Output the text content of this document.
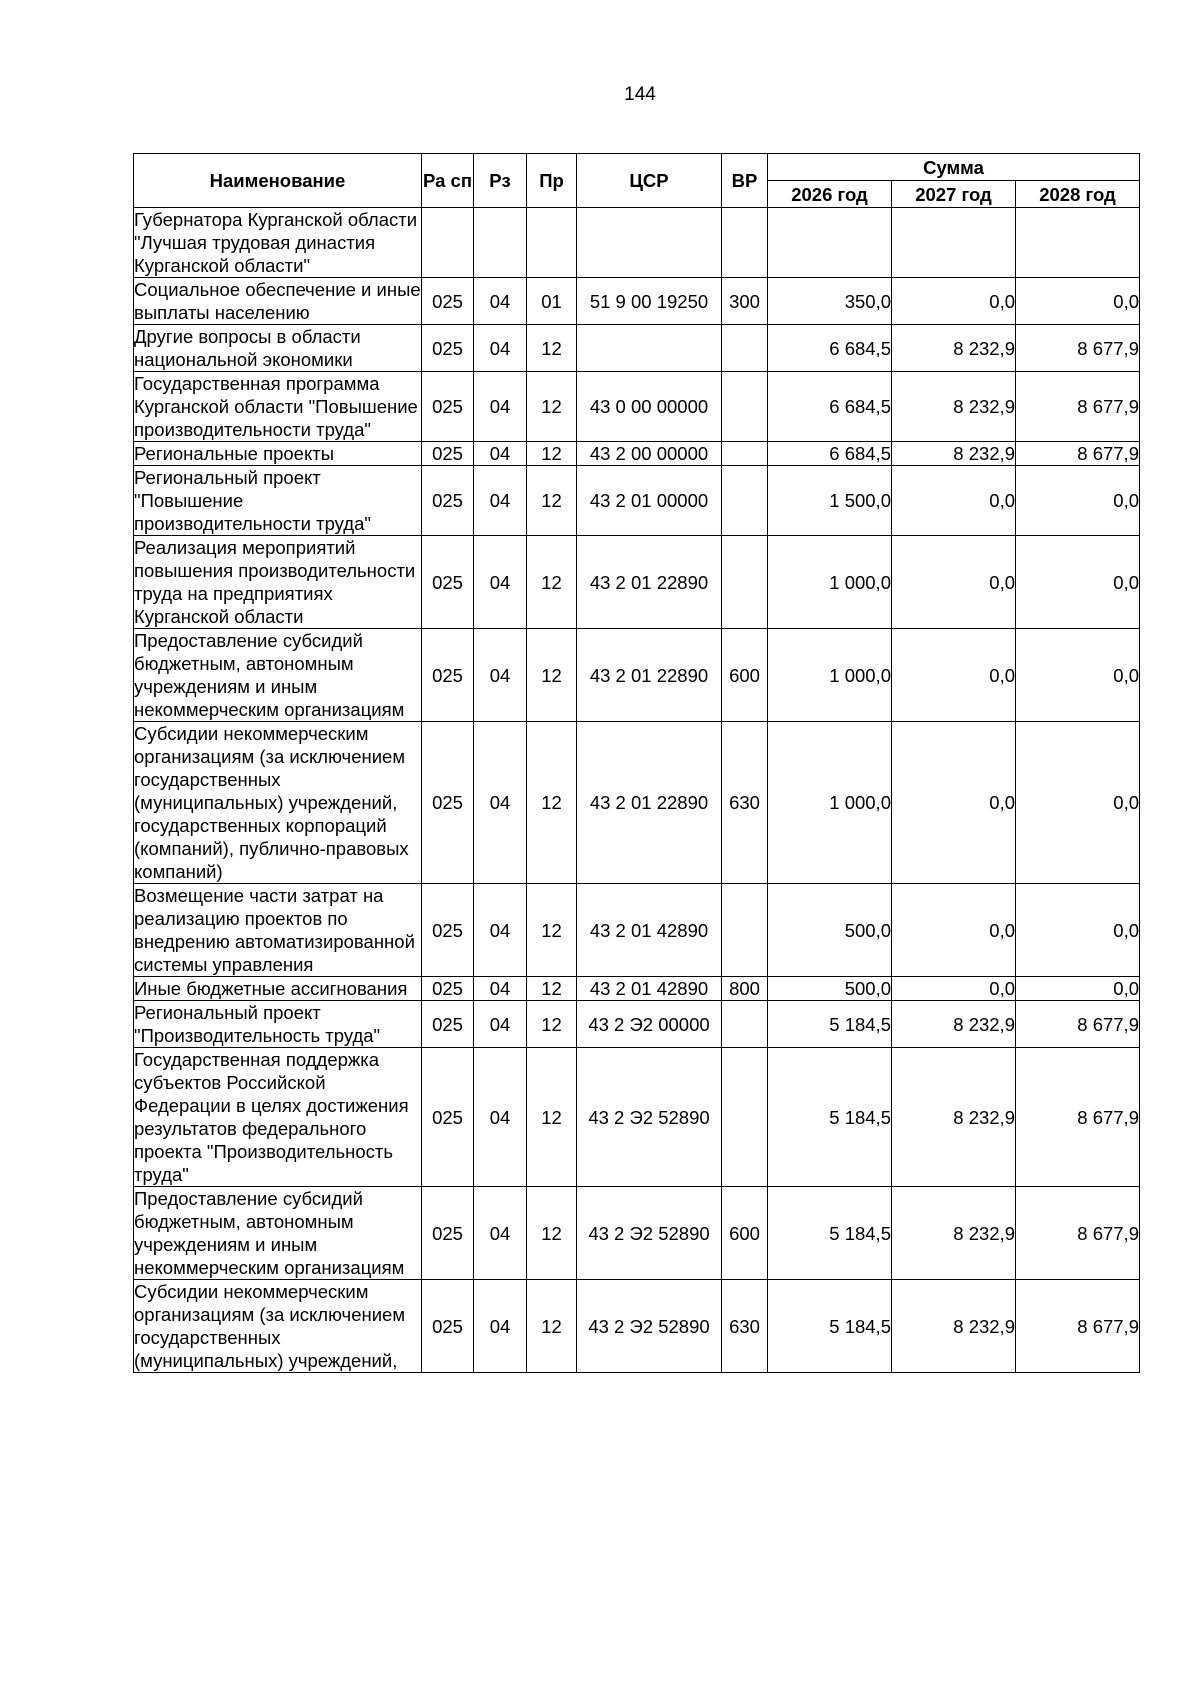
144
Наименование	Ра сп	Рз	Пр	ЦСР	ВР	Сумма		
						2026 год	2027 год	2028 год
Губернатора Курганской области "Лучшая трудовая династия Курганской области"								
Социальное обеспечение и иные выплаты населению	025	04	01	51 9 00 19250	300	350,0	0,0	0,0
Другие вопросы в области национальной экономики	025	04	12			6 684,5	8 232,9	8 677,9
Государственная программа Курганской области "Повышение производительности труда"	025	04	12	43 0 00 00000		6 684,5	8 232,9	8 677,9
Региональные проекты	025	04	12	43 2 00 00000		6 684,5	8 232,9	8 677,9
Региональный проект "Повышение производительности труда"	025	04	12	43 2 01 00000		1 500,0	0,0	0,0
Реализация мероприятий повышения производительности труда на предприятиях Курганской области	025	04	12	43 2 01 22890		1 000,0	0,0	0,0
Предоставление субсидий бюджетным, автономным учреждениям и иным некоммерческим организациям	025	04	12	43 2 01 22890	600	1 000,0	0,0	0,0
Субсидии некоммерческим организациям (за исключением государственных (муниципальных) учреждений, государственных корпораций (компаний), публично-правовых компаний)	025	04	12	43 2 01 22890	630	1 000,0	0,0	0,0
Возмещение части затрат на реализацию проектов по внедрению автоматизированной системы управления	025	04	12	43 2 01 42890		500,0	0,0	0,0
Иные бюджетные ассигнования	025	04	12	43 2 01 42890	800	500,0	0,0	0,0
Региональный проект "Производительность труда"	025	04	12	43 2 Э2 00000		5 184,5	8 232,9	8 677,9
Государственная поддержка субъектов Российской Федерации в целях достижения результатов федерального проекта "Производительность труда"	025	04	12	43 2 Э2 52890		5 184,5	8 232,9	8 677,9
Предоставление субсидий бюджетным, автономным учреждениям и иным некоммерческим организациям	025	04	12	43 2 Э2 52890	600	5 184,5	8 232,9	8 677,9
Субсидии некоммерческим организациям (за исключением государственных (муниципальных) учреждений,	025	04	12	43 2 Э2 52890	630	5 184,5	8 232,9	8 677,9
